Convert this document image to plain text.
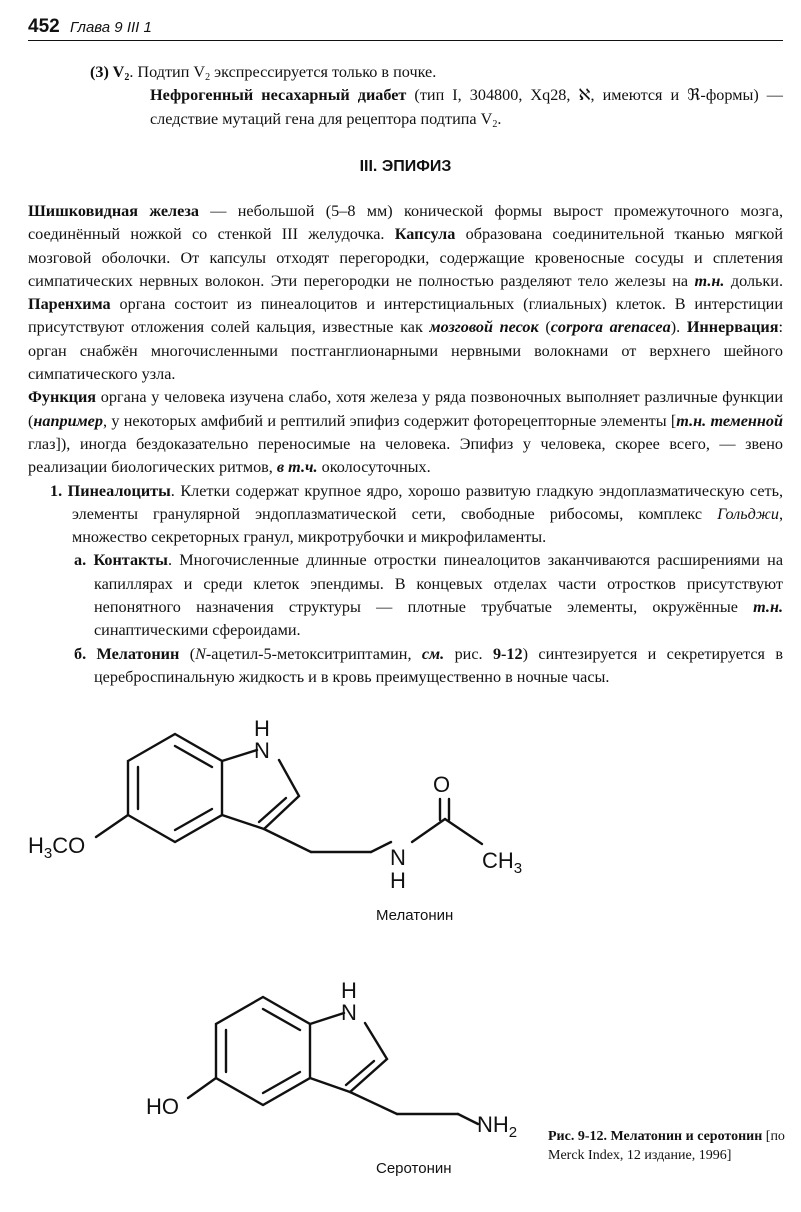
452 Глава 9 III 1

(3) $V_2$. Подтип $V_2$ экспрессируется только в почке.

Нефрогенный несахарный диабет (тип I, 304800, Xq28, ℵ, имеются и ℜ-формы) — следствие мутаций гена для рецептора подтипа $V_2$.

III. ЭПИФИЗ

Шишковидная железа — небольшой (5–8 мм) конической формы вырост промежуточного мозга, соединённый ножкой со стенкой III желудочка. Капсула образована соединительной тканью мягкой мозговой оболочки. От капсулы отходят перегородки, содержащие кровеносные сосуды и сплетения симпатических нервных волокон. Эти перегородки не полностью разделяют тело железы на т.н. дольки. Паренхима органа состоит из пинеалоцитов и интерстициальных (глиальных) клеток. В интерстиции присутствуют отложения солей кальция, известные как мозговой песок (corpora arenacea). Иннервация: орган снабжён многочисленными постганглионарными нервными волокнами от верхнего шейного симпатического узла.

Функция органа у человека изучена слабо, хотя железа у ряда позвоночных выполняет различные функции (например, у некоторых амфибий и рептилий эпифиз содержит фоторецепторные элементы [т.н. теменной глаз]), иногда бездоказательно переносимые на человека. Эпифиз у человека, скорее всего, — звено реализации биологических ритмов, в т.ч. околосуточных.

1. Пинеалоциты. Клетки содержат крупное ядро, хорошо развитую гладкую эндоплазматическую сеть, элементы гранулярной эндоплазматической сети, свободные рибосомы, комплекс Гольджи, множество секреторных гранул, микротрубочки и микрофиламенты.

а. Контакты. Многочисленные длинные отростки пинеалоцитов заканчиваются расширениями на капиллярах и среди клеток эпендимы. В концевых отделах части отростков присутствуют непонятного назначения структуры — плотные трубчатые элементы, окружённые т.н. синаптическими сфероидами.

б. Мелатонин (N-ацетил-5-метокситриптамин, см. рис. 9-12) синтезируется и секретируется в цереброспинальную жидкость и в кровь преимущественно в ночные часы.

H
N
O
$H_3CO$	N
H
$CH_3$
H
N
HO
$NH_2$
Мелатонин
Серотонин
Рис. 9-12. Мелатонин и серотонин [по Merck Index, 12 издание, 1996]
